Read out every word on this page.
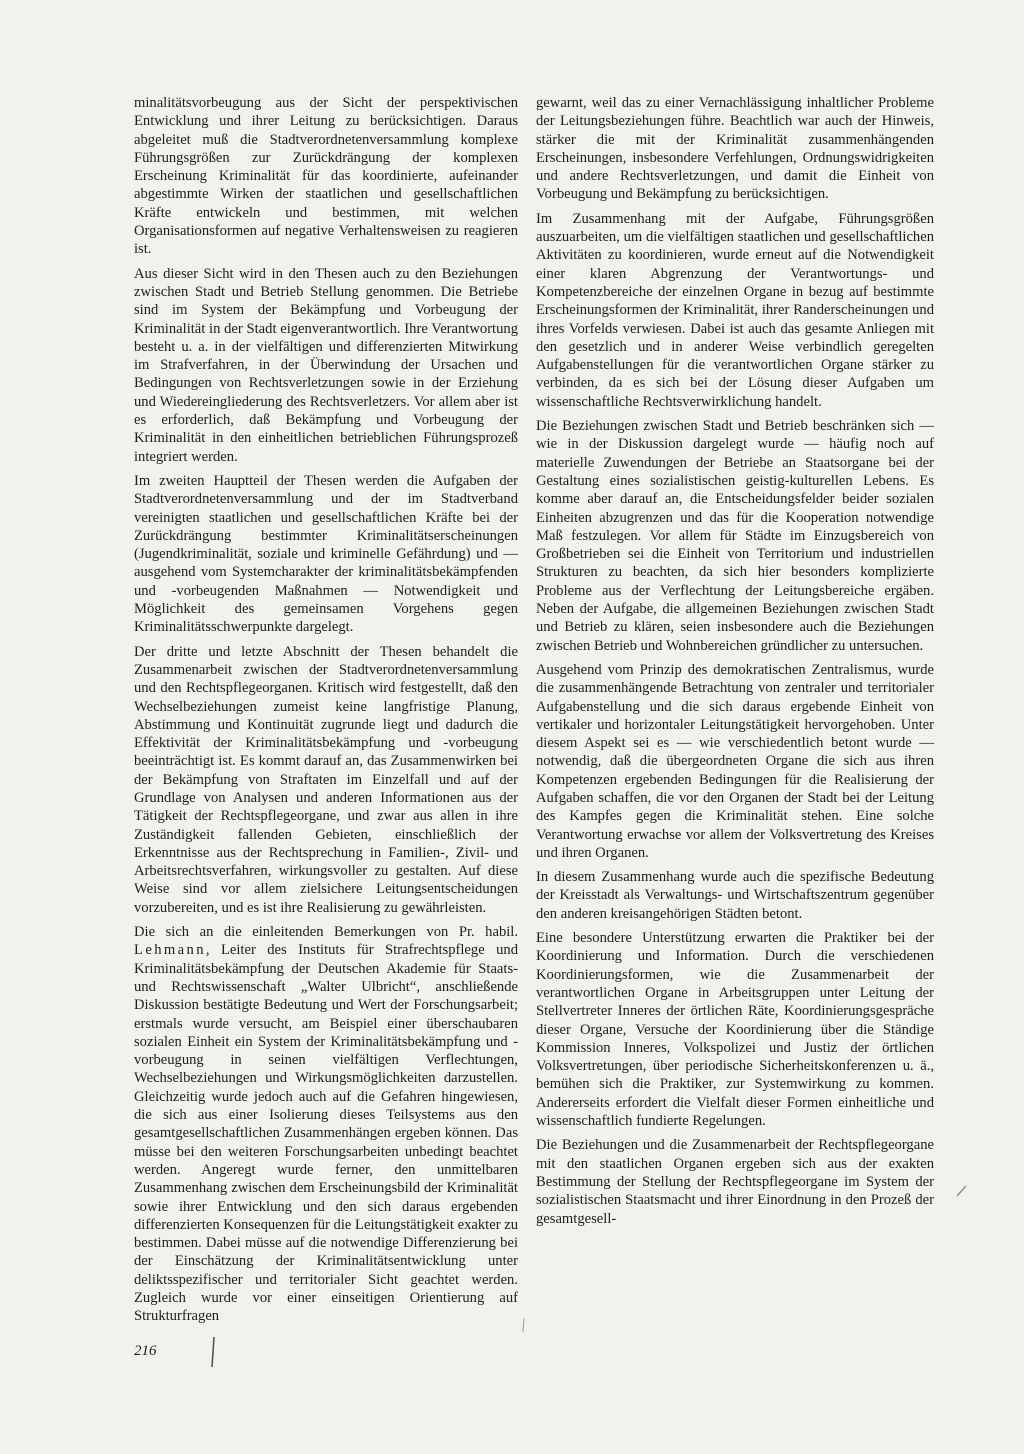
minalitätsvorbeugung aus der Sicht der perspektivischen Entwicklung und ihrer Leitung zu berücksichtigen. Daraus abgeleitet muß die Stadtverordnetenversammlung komplexe Führungsgrößen zur Zurückdrängung der komplexen Erscheinung Kriminalität für das koordinierte, aufeinander abgestimmte Wirken der staatlichen und gesellschaftlichen Kräfte entwickeln und bestimmen, mit welchen Organisationsformen auf negative Verhaltensweisen zu reagieren ist.

Aus dieser Sicht wird in den Thesen auch zu den Beziehungen zwischen Stadt und Betrieb Stellung genommen. Die Betriebe sind im System der Bekämpfung und Vorbeugung der Kriminalität in der Stadt eigenverantwortlich. Ihre Verantwortung besteht u. a. in der vielfältigen und differenzierten Mitwirkung im Strafverfahren, in der Überwindung der Ursachen und Bedingungen von Rechtsverletzungen sowie in der Erziehung und Wiedereingliederung des Rechtsverletzers. Vor allem aber ist es erforderlich, daß Bekämpfung und Vorbeugung der Kriminalität in den einheitlichen betrieblichen Führungsprozeß integriert werden.

Im zweiten Hauptteil der Thesen werden die Aufgaben der Stadtverordnetenversammlung und der im Stadtverband vereinigten staatlichen und gesellschaftlichen Kräfte bei der Zurückdrängung bestimmter Kriminalitätserscheinungen (Jugendkriminalität, soziale und kriminelle Gefährdung) und — ausgehend vom Systemcharakter der kriminalitätsbekämpfenden und -vorbeugenden Maßnahmen — Notwendigkeit und Möglichkeit des gemeinsamen Vorgehens gegen Kriminalitätsschwerpunkte dargelegt.

Der dritte und letzte Abschnitt der Thesen behandelt die Zusammenarbeit zwischen der Stadtverordnetenversammlung und den Rechtspflegeorganen. Kritisch wird festgestellt, daß den Wechselbeziehungen zumeist keine langfristige Planung, Abstimmung und Kontinuität zugrunde liegt und dadurch die Effektivität der Kriminalitätsbekämpfung und -vorbeugung beeinträchtigt ist. Es kommt darauf an, das Zusammenwirken bei der Bekämpfung von Straftaten im Einzelfall und auf der Grundlage von Analysen und anderen Informationen aus der Tätigkeit der Rechtspflegeorgane, und zwar aus allen in ihre Zuständigkeit fallenden Gebieten, einschließlich der Erkenntnisse aus der Rechtsprechung in Familien-, Zivil- und Arbeitsrechtsverfahren, wirkungsvoller zu gestalten. Auf diese Weise sind vor allem zielsichere Leitungsentscheidungen vorzubereiten, und es ist ihre Realisierung zu gewährleisten.

Die sich an die einleitenden Bemerkungen von Pr. habil. Lehmann, Leiter des Instituts für Strafrechtspflege und Kriminalitätsbekämpfung der Deutschen Akademie für Staats- und Rechtswissenschaft „Walter Ulbricht“, anschließende Diskussion bestätigte Bedeutung und Wert der Forschungsarbeit; erstmals wurde versucht, am Beispiel einer überschaubaren sozialen Einheit ein System der Kriminalitätsbekämpfung und -vorbeugung in seinen vielfältigen Verflechtungen, Wechselbeziehungen und Wirkungsmöglichkeiten darzustellen. Gleichzeitig wurde jedoch auch auf die Gefahren hingewiesen, die sich aus einer Isolierung dieses Teilsystems aus den gesamtgesellschaftlichen Zusammenhängen ergeben können. Das müsse bei den weiteren Forschungsarbeiten unbedingt beachtet werden. Angeregt wurde ferner, den unmittelbaren Zusammenhang zwischen dem Erscheinungsbild der Kriminalität sowie ihrer Entwicklung und den sich daraus ergebenden differenzierten Konsequenzen für die Leitungstätigkeit exakter zu bestimmen. Dabei müsse auf die notwendige Differenzierung bei der Einschätzung der Kriminalitätsentwicklung unter deliktsspezifischer und territorialer Sicht geachtet werden. Zugleich wurde vor einer einseitigen Orientierung auf Strukturfragen

gewarnt, weil das zu einer Vernachlässigung inhaltlicher Probleme der Leitungsbeziehungen führe. Beachtlich war auch der Hinweis, stärker die mit der Kriminalität zusammenhängenden Erscheinungen, insbesondere Verfehlungen, Ordnungswidrigkeiten und andere Rechtsverletzungen, und damit die Einheit von Vorbeugung und Bekämpfung zu berücksichtigen.

Im Zusammenhang mit der Aufgabe, Führungsgrößen auszuarbeiten, um die vielfältigen staatlichen und gesellschaftlichen Aktivitäten zu koordinieren, wurde erneut auf die Notwendigkeit einer klaren Abgrenzung der Verantwortungs- und Kompetenzbereiche der einzelnen Organe in bezug auf bestimmte Erscheinungsformen der Kriminalität, ihrer Randerscheinungen und ihres Vorfelds verwiesen. Dabei ist auch das gesamte Anliegen mit den gesetzlich und in anderer Weise verbindlich geregelten Aufgabenstellungen für die verantwortlichen Organe stärker zu verbinden, da es sich bei der Lösung dieser Aufgaben um wissenschaftliche Rechtsverwirklichung handelt.

Die Beziehungen zwischen Stadt und Betrieb beschränken sich — wie in der Diskussion dargelegt wurde — häufig noch auf materielle Zuwendungen der Betriebe an Staatsorgane bei der Gestaltung eines sozialistischen geistig-kulturellen Lebens. Es komme aber darauf an, die Entscheidungsfelder beider sozialen Einheiten abzugrenzen und das für die Kooperation notwendige Maß festzulegen. Vor allem für Städte im Einzugsbereich von Großbetrieben sei die Einheit von Territorium und industriellen Strukturen zu beachten, da sich hier besonders komplizierte Probleme aus der Verflechtung der Leitungsbereiche ergäben. Neben der Aufgabe, die allgemeinen Beziehungen zwischen Stadt und Betrieb zu klären, seien insbesondere auch die Beziehungen zwischen Betrieb und Wohnbereichen gründlicher zu untersuchen.

Ausgehend vom Prinzip des demokratischen Zentralismus, wurde die zusammenhängende Betrachtung von zentraler und territorialer Aufgabenstellung und die sich daraus ergebende Einheit von vertikaler und horizontaler Leitungstätigkeit hervorgehoben. Unter diesem Aspekt sei es — wie verschiedentlich betont wurde — notwendig, daß die übergeordneten Organe die sich aus ihren Kompetenzen ergebenden Bedingungen für die Realisierung der Aufgaben schaffen, die vor den Organen der Stadt bei der Leitung des Kampfes gegen die Kriminalität stehen. Eine solche Verantwortung erwachse vor allem der Volksvertretung des Kreises und ihren Organen.

In diesem Zusammenhang wurde auch die spezifische Bedeutung der Kreisstadt als Verwaltungs- und Wirtschaftszentrum gegenüber den anderen kreisangehörigen Städten betont.

Eine besondere Unterstützung erwarten die Praktiker bei der Koordinierung und Information. Durch die verschiedenen Koordinierungsformen, wie die Zusammenarbeit der verantwortlichen Organe in Arbeitsgruppen unter Leitung der Stellvertreter Inneres der örtlichen Räte, Koordinierungsgespräche dieser Organe, Versuche der Koordinierung über die Ständige Kommission Inneres, Volkspolizei und Justiz der örtlichen Volksvertretungen, über periodische Sicherheitskonferenzen u. ä., bemühen sich die Praktiker, zur Systemwirkung zu kommen. Andererseits erfordert die Vielfalt dieser Formen einheitliche und wissenschaftlich fundierte Regelungen.

Die Beziehungen und die Zusammenarbeit der Rechtspflegeorgane mit den staatlichen Organen ergeben sich aus der exakten Bestimmung der Stellung der Rechtspflegeorgane im System der sozialistischen Staatsmacht und ihrer Einordnung in den Prozeß der gesamtgesell-

216
